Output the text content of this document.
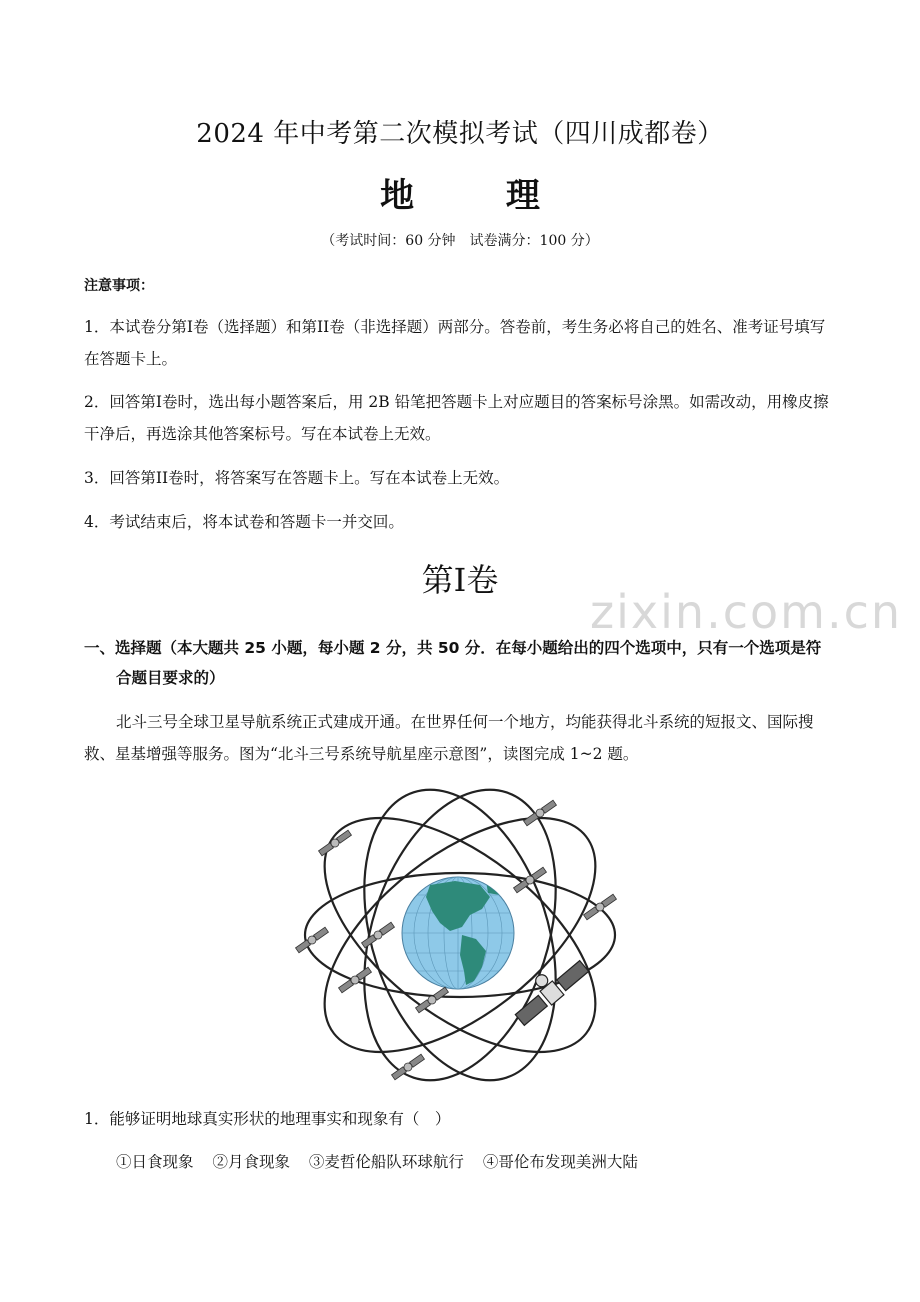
2024 年中考第二次模拟考试（四川成都卷）
地 理
（考试时间：60 分钟　试卷满分：100 分）
注意事项：
1．本试卷分第I卷（选择题）和第II卷（非选择题）两部分。答卷前，考生务必将自己的姓名、准考证号填写在答题卡上。
2．回答第I卷时，选出每小题答案后，用 2B 铅笔把答题卡上对应题目的答案标号涂黑。如需改动，用橡皮擦干净后，再选涂其他答案标号。写在本试卷上无效。
3．回答第II卷时，将答案写在答题卡上。写在本试卷上无效。
4．考试结束后，将本试卷和答题卡一并交回。
第I卷
zixin.com.cn
一、选择题（本大题共 25 小题，每小题 2 分，共 50 分．在每小题给出的四个选项中，只有一个选项是符
合题目要求的）
北斗三号全球卫星导航系统正式建成开通。在世界任何一个地方，均能获得北斗系统的短报文、国际搜救、星基增强等服务。图为“北斗三号系统导航星座示意图”，读图完成 1~2 题。
1．能够证明地球真实形状的地理事实和现象有（　）
①日食现象 ②月食现象 ③麦哲伦船队环球航行 ④哥伦布发现美洲大陆
